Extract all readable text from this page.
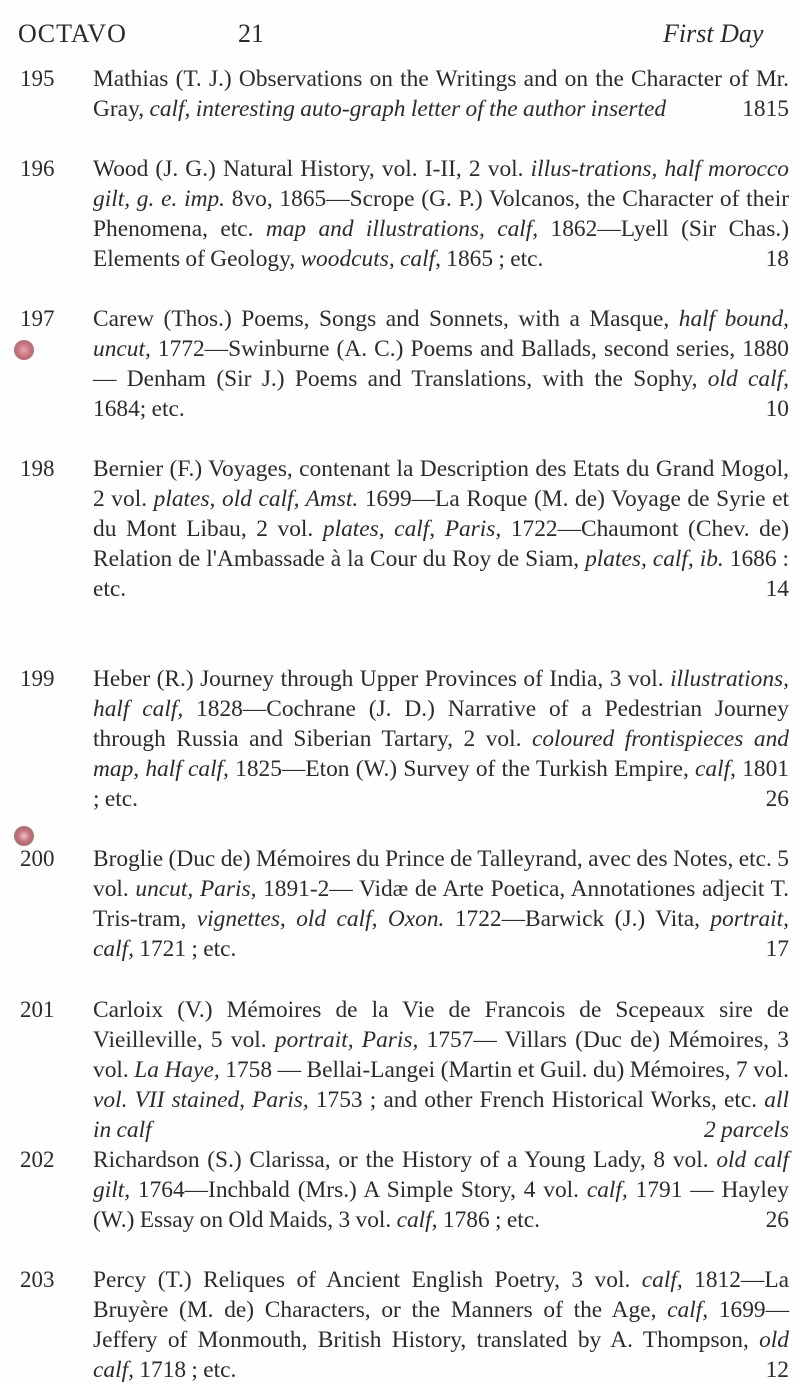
OCTAVO	21	First Day
195	Mathias (T. J.) Observations on the Writings and on the Character of Mr. Gray, calf, interesting auto-graph letter of the author inserted	1815
196	Wood (J. G.) Natural History, vol. I-II, 2 vol. illus-trations, half morocco gilt, g. e. imp. 8vo, 1865—Scrope (G. P.) Volcanos, the Character of their Phenomena, etc. map and illustrations, calf, 1862—Lyell (Sir Chas.) Elements of Geology, woodcuts, calf, 1865 ; etc.	18
197	Carew (Thos.) Poems, Songs and Sonnets, with a Masque, half bound, uncut, 1772—Swinburne (A. C.) Poems and Ballads, second series, 1880 — Denham (Sir J.) Poems and Translations, with the Sophy, old calf, 1684; etc.	10
198	Bernier (F.) Voyages, contenant la Description des Etats du Grand Mogol, 2 vol. plates, old calf, Amst. 1699—La Roque (M. de) Voyage de Syrie et du Mont Libau, 2 vol. plates, calf, Paris, 1722—Chaumont (Chev. de) Relation de l'Ambassade à la Cour du Roy de Siam, plates, calf, ib. 1686 : etc.	14
199	Heber (R.) Journey through Upper Provinces of India, 3 vol. illustrations, half calf, 1828—Cochrane (J. D.) Narrative of a Pedestrian Journey through Russia and Siberian Tartary, 2 vol. coloured frontispieces and map, half calf, 1825—Eton (W.) Survey of the Turkish Empire, calf, 1801 ; etc.	26
200	Broglie (Duc de) Mémoires du Prince de Talleyrand, avec des Notes, etc. 5 vol. uncut, Paris, 1891-2— Vidæ de Arte Poetica, Annotationes adjecit T. Tris-tram, vignettes, old calf, Oxon. 1722—Barwick (J.) Vita, portrait, calf, 1721 ; etc.	17
201	Carloix (V.) Mémoires de la Vie de Francois de Scepeaux sire de Vieilleville, 5 vol. portrait, Paris, 1757— Villars (Duc de) Mémoires, 3 vol. La Haye, 1758 — Bellai-Langei (Martin et Guil. du) Mémoires, 7 vol. vol. VII stained, Paris, 1753 ; and other French Historical Works, etc. all in calf	2 parcels
202	Richardson (S.) Clarissa, or the History of a Young Lady, 8 vol. old calf gilt, 1764—Inchbald (Mrs.) A Simple Story, 4 vol. calf, 1791 — Hayley (W.) Essay on Old Maids, 3 vol. calf, 1786 ; etc.	26
203	Percy (T.) Reliques of Ancient English Poetry, 3 vol. calf, 1812—La Bruyère (M. de) Characters, or the Manners of the Age, calf, 1699—Jeffery of Monmouth, British History, translated by A. Thompson, old calf, 1718 ; etc.	12
